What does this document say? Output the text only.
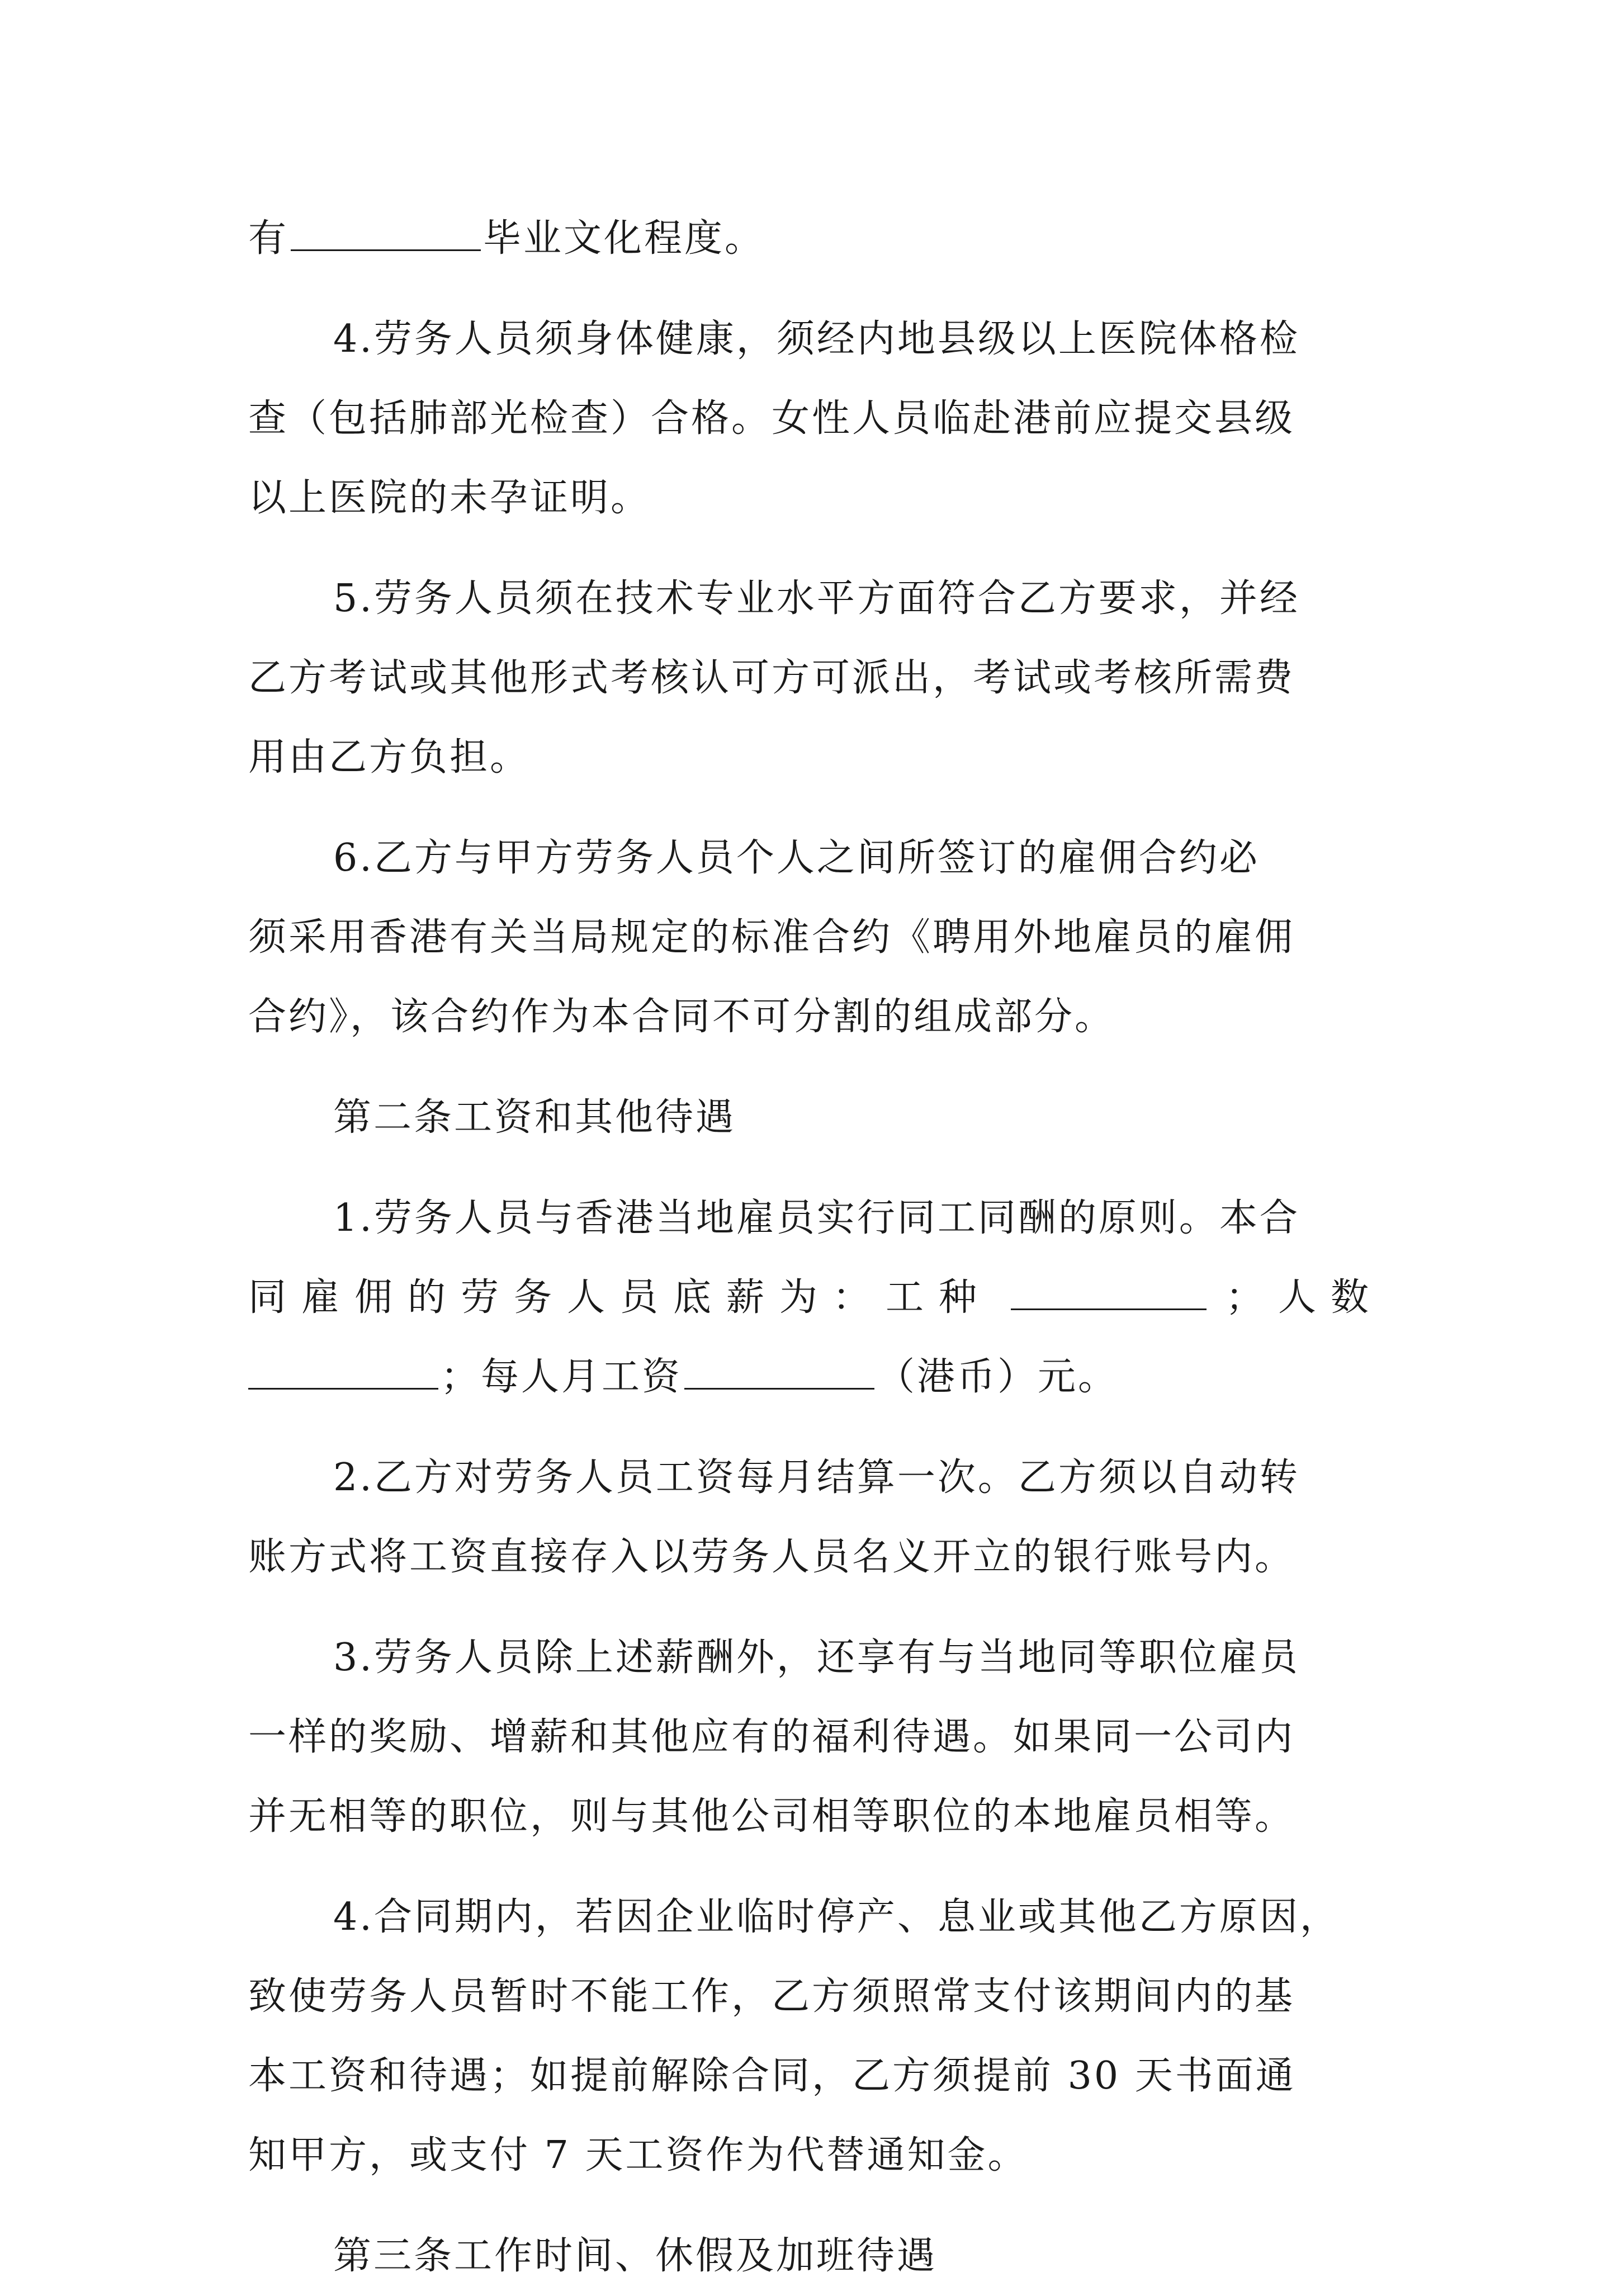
有	毕业文化程度。
4.劳务人员须身体健康，须经内地县级以上医院体格检
查（包括肺部光检查）合格。女性人员临赴港前应提交县级
以上医院的未孕证明。
5.劳务人员须在技术专业水平方面符合乙方要求，并经
乙方考试或其他形式考核认可方可派出，考试或考核所需费
用由乙方负担。
6.乙方与甲方劳务人员个人之间所签订的雇佣合约必
须采用香港有关当局规定的标准合约《聘用外地雇员的雇佣
合约》，该合约作为本合同不可分割的组成部分。
第二条工资和其他待遇
1.劳务人员与香港当地雇员实行同工同酬的原则。本合
同雇佣的劳务人员底薪为：工种	；人数
；每人月工资	（港币）元。
2.乙方对劳务人员工资每月结算一次。乙方须以自动转
账方式将工资直接存入以劳务人员名义开立的银行账号内。
3.劳务人员除上述薪酬外，还享有与当地同等职位雇员
一样的奖励、增薪和其他应有的福利待遇。如果同一公司内
并无相等的职位，则与其他公司相等职位的本地雇员相等。
4.合同期内，若因企业临时停产、息业或其他乙方原因，
致使劳务人员暂时不能工作，乙方须照常支付该期间内的基
本工资和待遇；如提前解除合同，乙方须提前 30 天书面通
知甲方，或支付 7 天工资作为代替通知金。
第三条工作时间、休假及加班待遇
